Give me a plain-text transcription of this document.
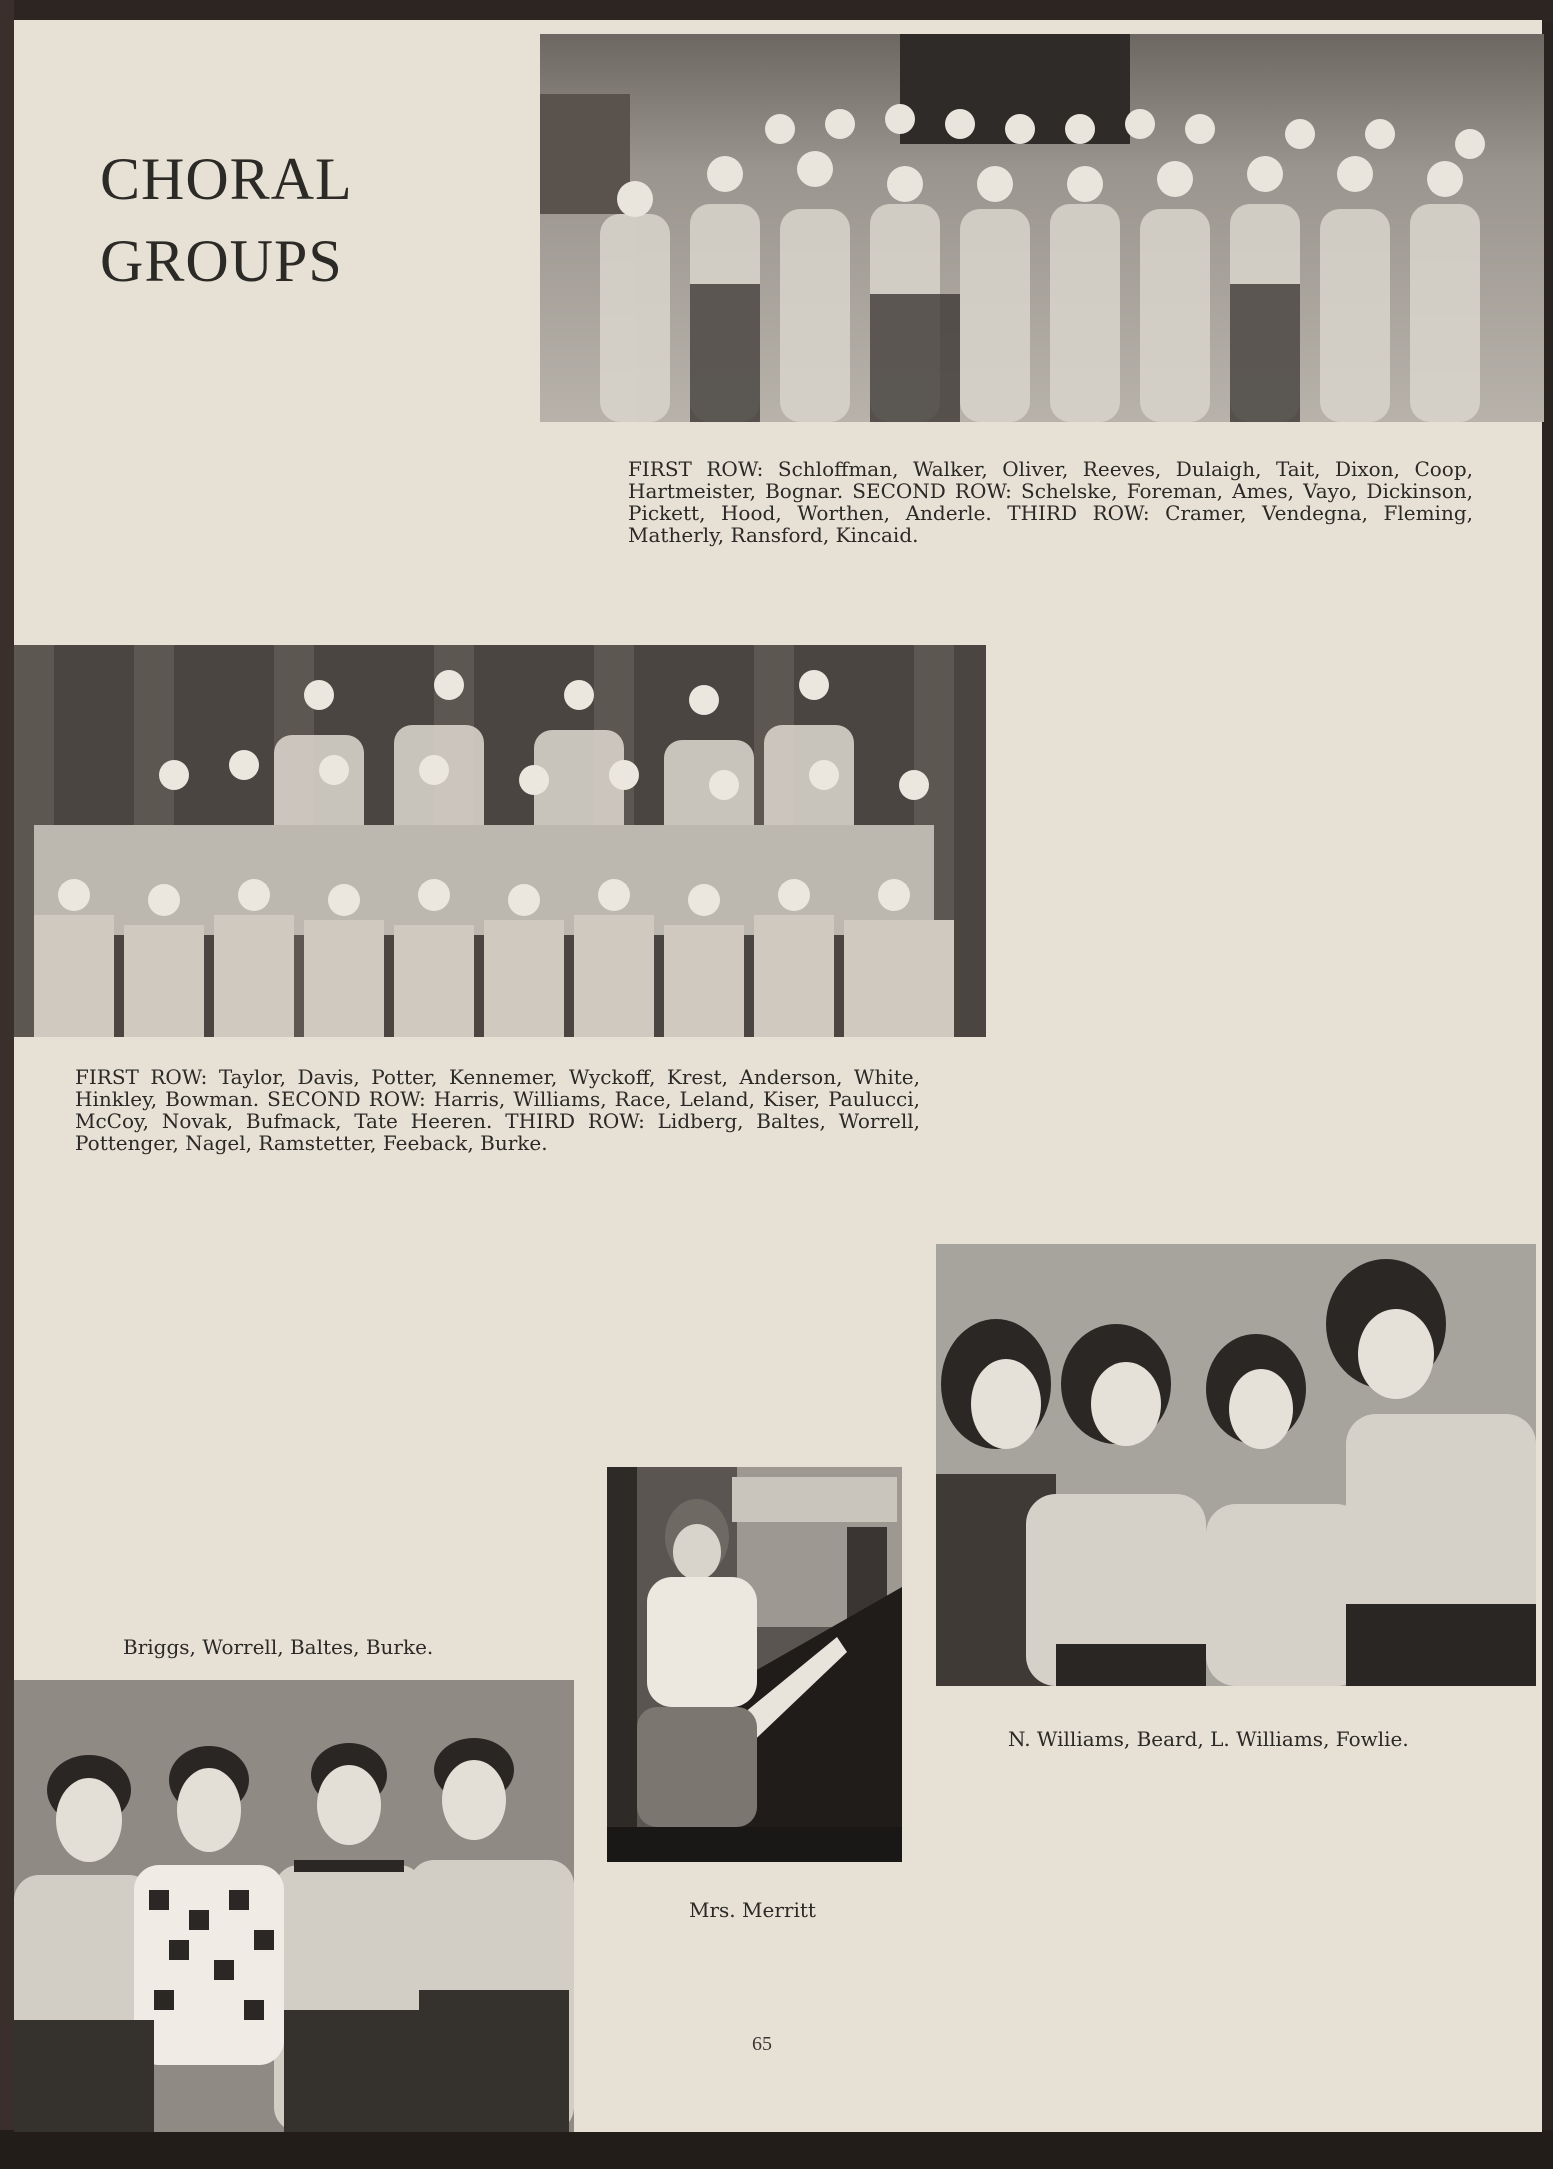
CHORAL
GROUPS

FIRST ROW: Schloffman, Walker, Oliver, Reeves, Dulaigh, Tait, Dixon, Coop, Hartmeister, Bognar. SECOND ROW: Schelske, Foreman, Ames, Vayo, Dickinson, Pickett, Hood, Worthen, Anderle. THIRD ROW: Cramer, Vendegna, Fleming, Matherly, Ransford, Kincaid.

FIRST ROW: Taylor, Davis, Potter, Kennemer, Wyckoff, Krest, Anderson, White, Hinkley, Bowman. SECOND ROW: Harris, Williams, Race, Leland, Kiser, Paulucci, McCoy, Novak, Bufmack, Tate Heeren. THIRD ROW: Lidberg, Baltes, Worrell, Pottenger, Nagel, Ramstetter, Feeback, Burke.

N. Williams, Beard, L. Williams, Fowlie.

Mrs. Merritt

Briggs, Worrell, Baltes, Burke.

65
